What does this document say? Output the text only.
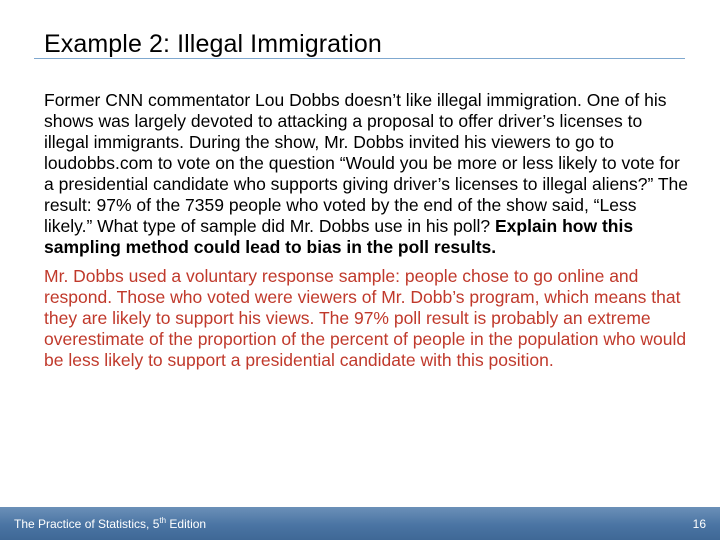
Example 2: Illegal Immigration

Former CNN commentator Lou Dobbs doesn’t like illegal immigration. One of his shows was largely devoted to attacking a proposal to offer driver’s licenses to illegal immigrants. During the show, Mr. Dobbs invited his viewers to go to loudobbs.com to vote on the question “Would you be more or less likely to vote for a presidential candidate who supports giving driver’s licenses to illegal aliens?” The result: 97% of the 7359 people who voted by the end of the show said, “Less likely.” What type of sample did Mr. Dobbs use in his poll? Explain how this sampling method could lead to bias in the poll results.

Mr. Dobbs used a voluntary response sample: people chose to go online and respond. Those who voted were viewers of Mr. Dobb’s program, which means that they are likely to support his views. The 97% poll result is probably an extreme overestimate of the proportion of the percent of people in the population who would be less likely to support a presidential candidate with this position.

The Practice of Statistics, 5th Edition	16
